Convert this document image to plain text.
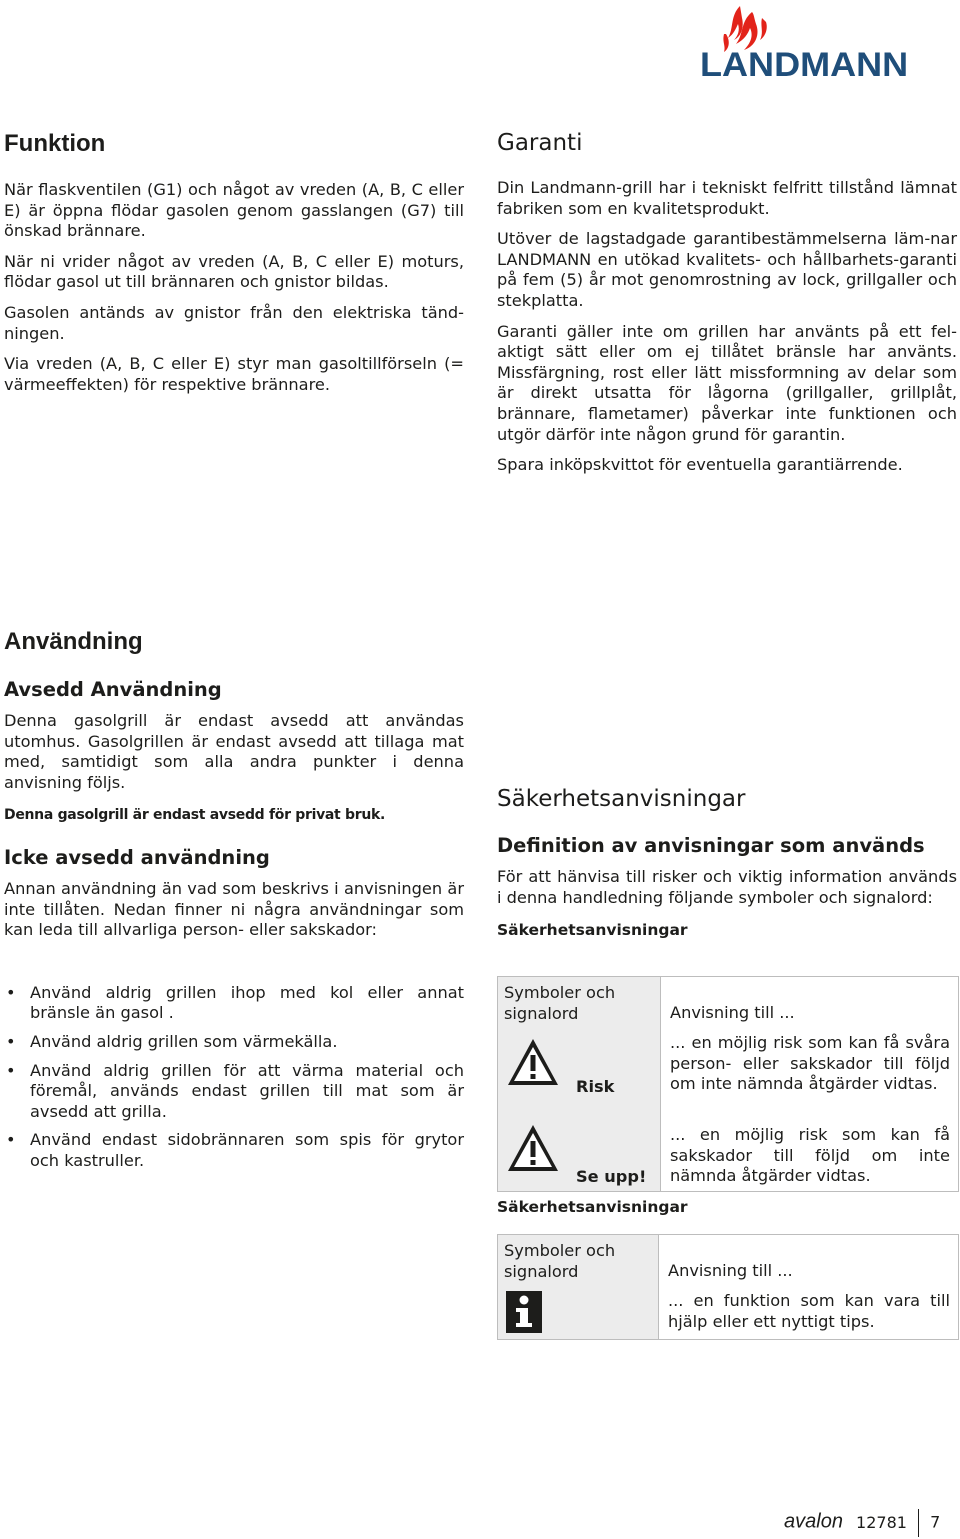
LANDMANN
Funktion

När flaskventilen (G1) och något av vreden (A, B, C eller E) är öppna flödar gasolen genom gasslangen (G7) till önskad brännare.

När ni vrider något av vreden (A, B, C eller E) moturs, flödar gasol ut till brännaren och gnistor bildas.

Gasolen antänds av gnistor från den elektriska tänd-ningen.

Via vreden (A, B, C eller E) styr man gasoltillförseln (= värmeeffekten) för respektive brännare.

Garanti

Din Landmann-grill har i tekniskt felfritt tillstånd lämnat fabriken som en kvalitetsprodukt.

Utöver de lagstadgade garantibestämmelserna läm-nar LANDMANN en utökad kvalitets- och hållbarhets-garanti på fem (5) år mot genomrostning av lock, grillgaller och stekplatta.

Garanti gäller inte om grillen har använts på ett fel-aktigt sätt eller om ej tillåtet bränsle har använts. Missfärgning, rost eller lätt missformning av delar som är direkt utsatta för lågorna (grillgaller, grillplåt, brännare, flametamer) påverkar inte funktionen och utgör därför inte någon grund för garantin.

Spara inköpskvittot för eventuella garantiärrende.

Användning
Avsedd Användning

Denna gasolgrill är endast avsedd att användas utomhus. Gasolgrillen är endast avsedd att tillaga mat med, samtidigt som alla andra punkter i denna anvisning följs.

Denna gasolgrill är endast avsedd för privat bruk.

Icke avsedd användning

Annan användning än vad som beskrivs i anvisningen är inte tillåten. Nedan finner ni några användningar som kan leda till allvarliga person- eller sakskador:

• Använd aldrig grillen ihop med kol eller annat bränsle än gasol .
• Använd aldrig grillen som värmekälla.
• Använd aldrig grillen för att värma material och föremål, används endast grillen till mat som är avsedd att grilla.
• Använd endast sidobrännaren som spis för grytor och kastruller.
Säkerhetsanvisningar
Definition av anvisningar som används

För att hänvisa till risker och viktig information används i denna handledning följande symboler och signalord:

Säkerhetsanvisningar

Symboler och signalord	Anvisning till ...
Risk
... en möjlig risk som kan få svåra person- eller sakskador till följd om inte nämnda åtgärder vidtas.
Se upp!
... en möjlig risk som kan få sakskador till följd om inte nämnda åtgärder vidtas.
Säkerhetsanvisningar
Symboler och signalord	Anvisning till ...
... en funktion som kan vara till hjälp eller ett nyttigt tips.
avalon 12781 7
